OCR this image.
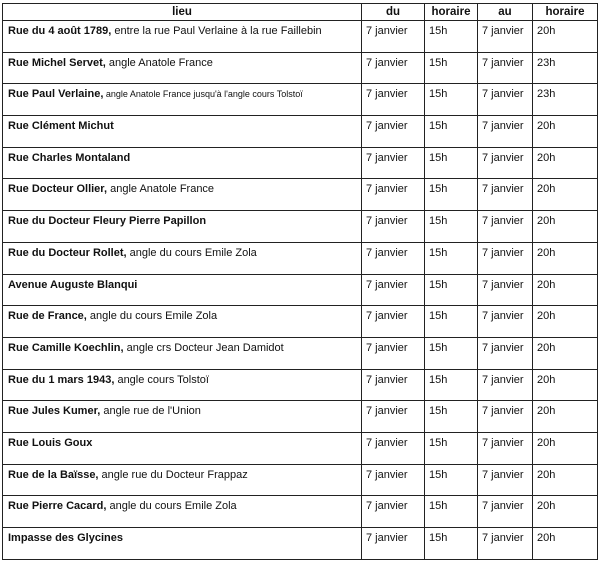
lieu	du	horaire	au	horaire

Rue du 4 août 1789, entre la rue Paul Verlaine à la rue Faillebin	7 janvier	15h	7 janvier	20h

Rue Michel Servet, angle Anatole France	7 janvier	15h	7 janvier	23h

Rue Paul Verlaine, angle Anatole France jusqu'à l'angle cours Tolstoï	7 janvier	15h	7 janvier	23h

Rue Clément Michut	7 janvier	15h	7 janvier	20h

Rue Charles Montaland	7 janvier	15h	7 janvier	20h

Rue Docteur Ollier, angle Anatole France	7 janvier	15h	7 janvier	20h

Rue du Docteur Fleury Pierre Papillon	7 janvier	15h	7 janvier	20h

Rue du Docteur Rollet, angle du cours Emile Zola	7 janvier	15h	7 janvier	20h

Avenue Auguste Blanqui	7 janvier	15h	7 janvier	20h

Rue de France, angle du cours Emile Zola	7 janvier	15h	7 janvier	20h

Rue Camille Koechlin, angle crs Docteur Jean Damidot	7 janvier	15h	7 janvier	20h

Rue du 1 mars 1943, angle cours Tolstoï	7 janvier	15h	7 janvier	20h

Rue Jules Kumer, angle rue de l'Union	7 janvier	15h	7 janvier	20h

Rue Louis Goux	7 janvier	15h	7 janvier	20h

Rue de la Baïsse, angle rue du Docteur Frappaz	7 janvier	15h	7 janvier	20h

Rue Pierre Cacard, angle du cours Emile Zola	7 janvier	15h	7 janvier	20h

Impasse des Glycines	7 janvier	15h	7 janvier	20h
